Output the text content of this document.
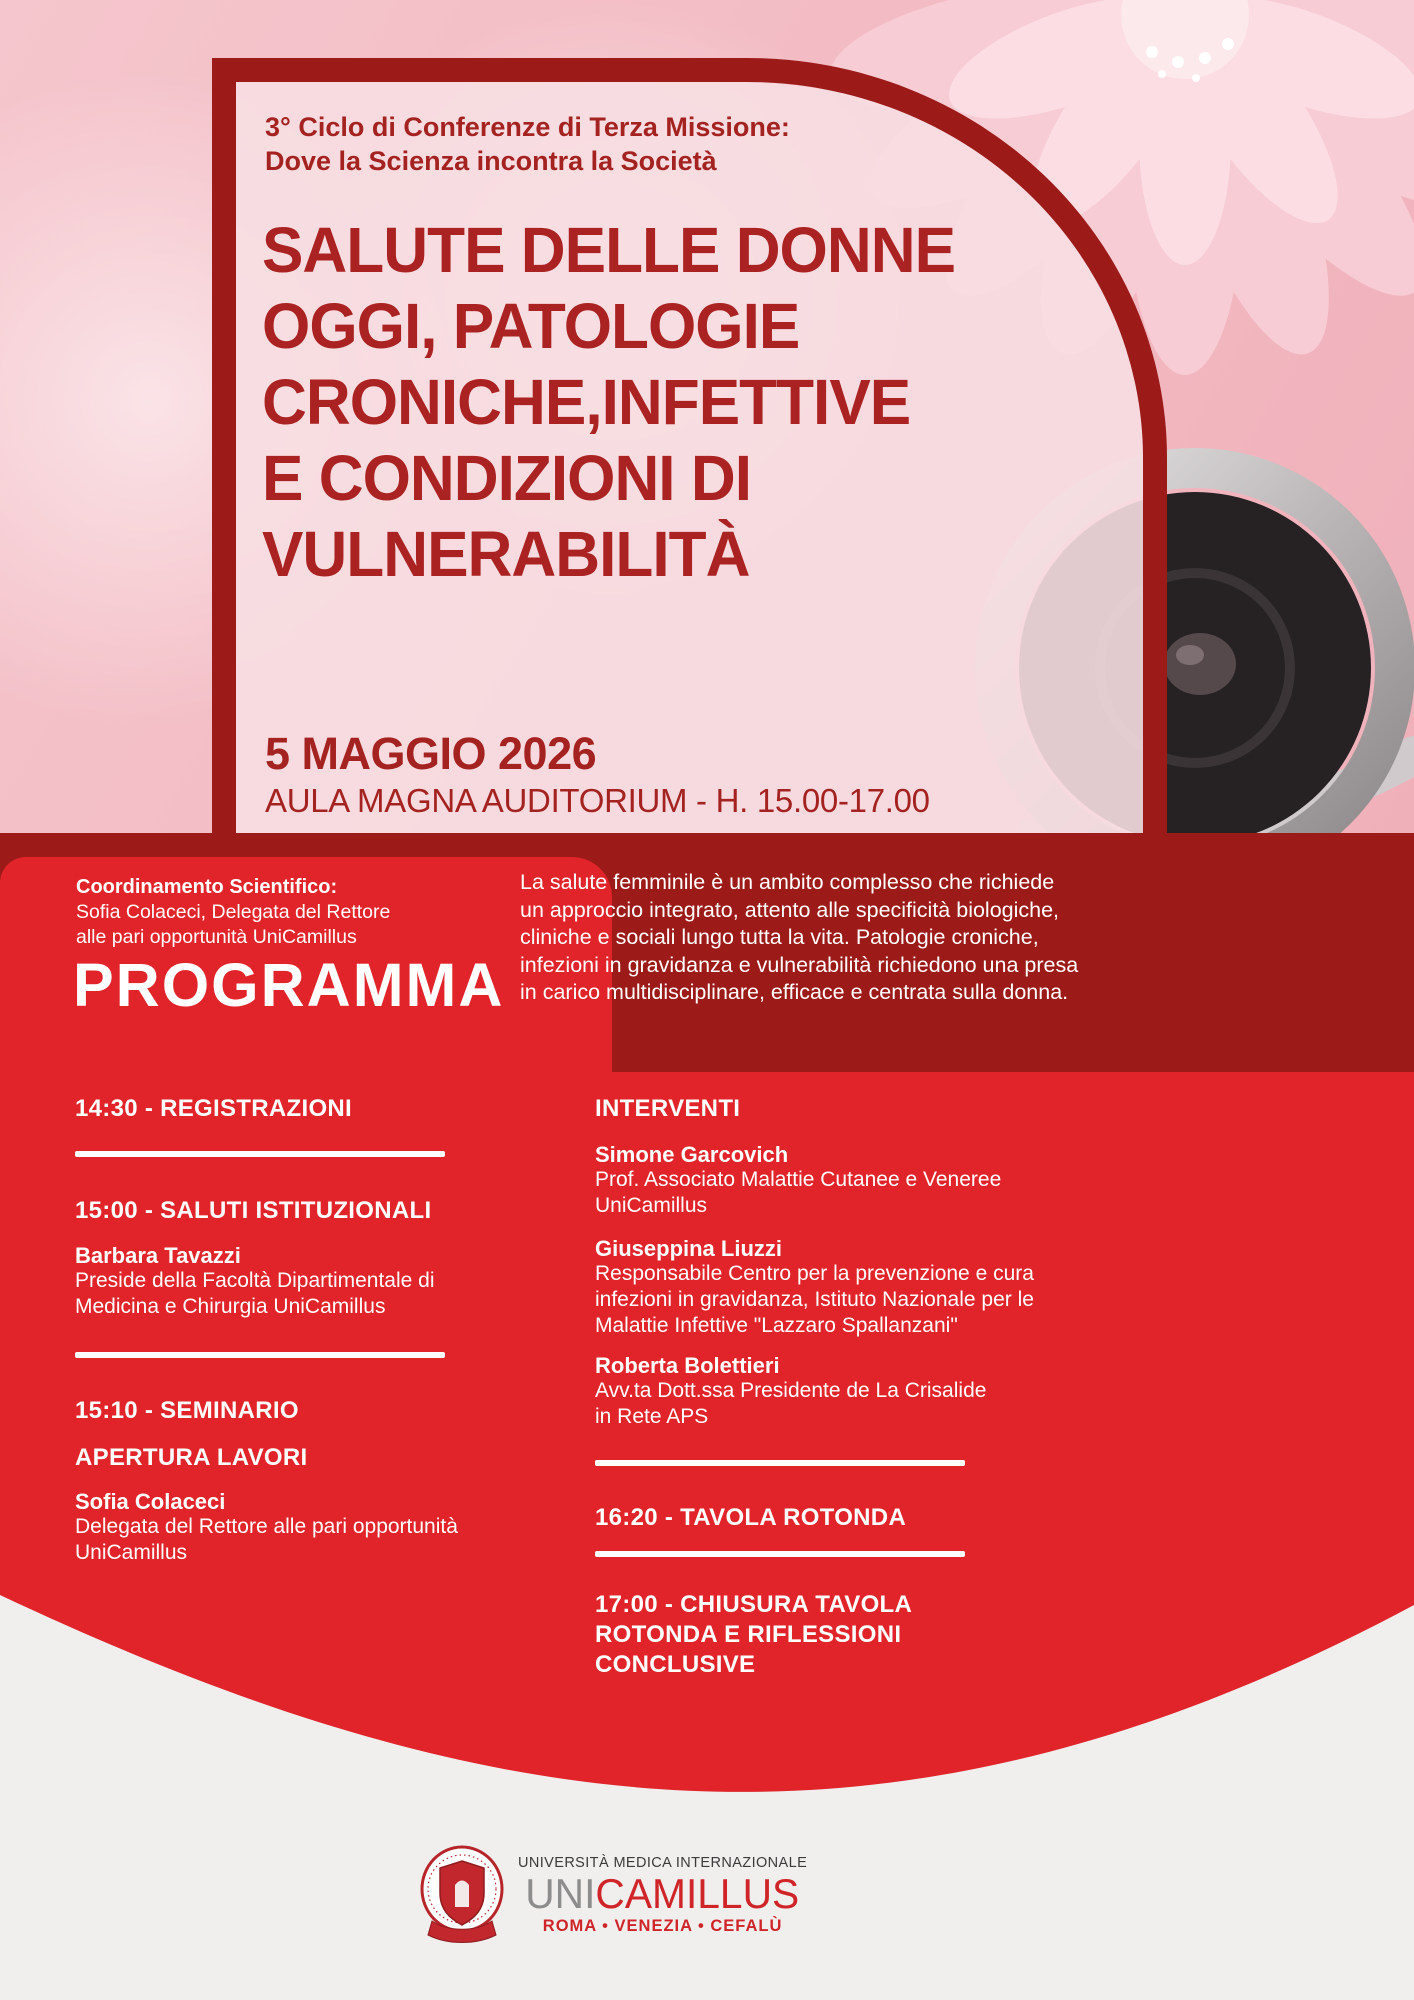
3° Ciclo di Conferenze di Terza Missione:
Dove la Scienza incontra la Società
SALUTE DELLE DONNE
OGGI, PATOLOGIE
CRONICHE,INFETTIVE
E CONDIZIONI DI
VULNERABILITÀ
5 MAGGIO 2026
AULA MAGNA AUDITORIUM - H. 15.00-17.00
Coordinamento Scientifico:
Sofia Colaceci, Delegata del Rettore
alle pari opportunità UniCamillus
PROGRAMMA
La salute femminile è un ambito complesso che richiede
un approccio integrato, attento alle specificità biologiche,
cliniche e sociali lungo tutta la vita. Patologie croniche,
infezioni in gravidanza e vulnerabilità richiedono una presa
in carico multidisciplinare, efficace e centrata sulla donna.
14:30 - REGISTRAZIONI
15:00 - SALUTI ISTITUZIONALI
Barbara Tavazzi
Preside della Facoltà Dipartimentale di Medicina e Chirurgia UniCamillus
15:10 - SEMINARIO
APERTURA LAVORI
Sofia Colaceci
Delegata del Rettore alle pari opportunità UniCamillus
INTERVENTI
Simone Garcovich
Prof. Associato Malattie Cutanee e Veneree UniCamillus
Giuseppina Liuzzi
Responsabile Centro per la prevenzione e cura infezioni in gravidanza, Istituto Nazionale per le Malattie Infettive "Lazzaro Spallanzani"
Roberta Bolettieri
Avv.ta Dott.ssa Presidente de La Crisalide in Rete APS
16:20 - TAVOLA ROTONDA
17:00 - CHIUSURA TAVOLA ROTONDA E RIFLESSIONI CONCLUSIVE
UNIVERSITÀ MEDICA INTERNAZIONALE
UNICAMILLUS
ROMA • VENEZIA • CEFALÙ
